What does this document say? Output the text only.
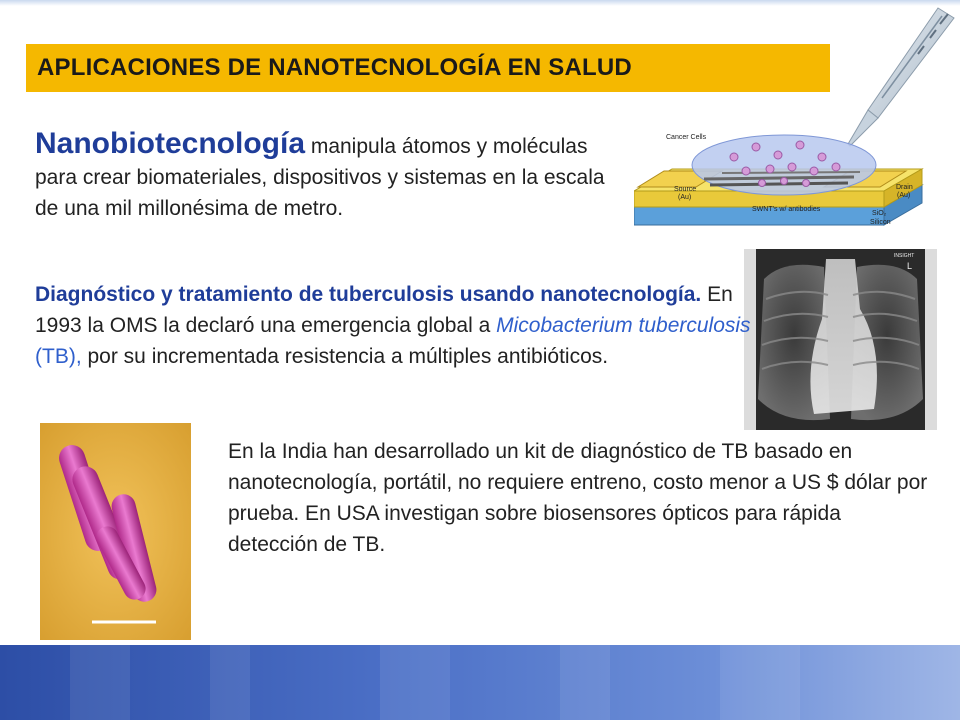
APLICACIONES DE NANOTECNOLOGÍA EN SALUD
Cancer Cells
Source
(Au)
Drain
(Au)
SWNT's w/ antibodies
SiO₂
Silicon
Nanobiotecnología manipula átomos y moléculas para crear biomateriales, dispositivos y sistemas en la escala de una mil millonésima de metro.
INSIGHT
L
Diagnóstico y tratamiento de tuberculosis usando nanotecnología. En 1993 la OMS la declaró una emergencia global a Micobacterium tuberculosis (TB), por su incrementada resistencia a múltiples antibióticos.
En la India han desarrollado un kit de diagnóstico de TB basado en nanotecnología, portátil, no requiere entreno, costo menor a US $ dólar por prueba. En USA investigan sobre biosensores ópticos para rápida detección de TB.
